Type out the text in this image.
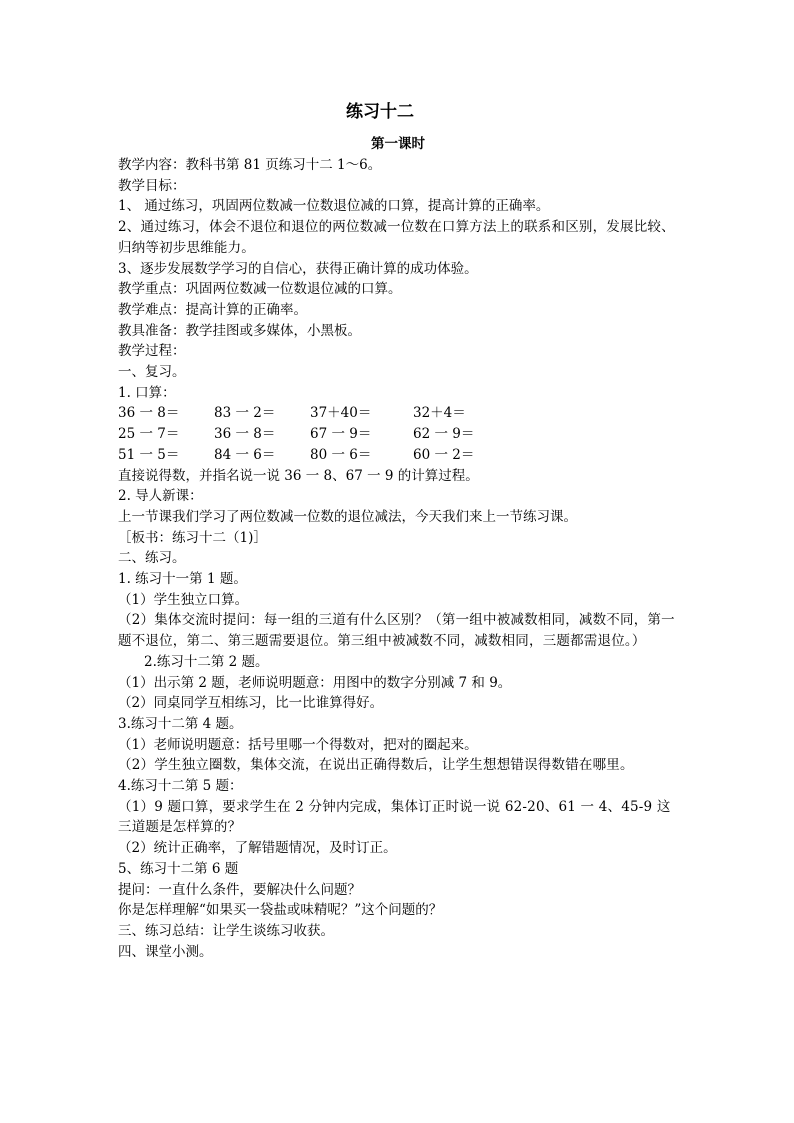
练习十二
第一课时
教学内容：教科书第 81 页练习十二 1～6。
教学目标：
1、 通过练习，巩固两位数减一位数退位减的口算，提高计算的正确率。
2、通过练习，体会不退位和退位的两位数减一位数在口算方法上的联系和区别，发展比较、归纳等初步思维能力。
3、逐步发展数学学习的自信心，获得正确计算的成功体验。
教学重点：巩固两位数减一位数退位减的口算。
教学难点：提高计算的正确率。
教具准备：教学挂图或多媒体，小黑板。
教学过程：
一、复习。
1. 口算：
36 一 8＝	83 一 2＝	37＋40＝	32＋4＝
25 一 7＝	36 一 8＝	67 一 9＝	62 一 9＝
51 一 5＝	84 一 6＝	80 一 6＝	60 一 2＝
直接说得数，并指名说一说 36 一 8、67 一 9 的计算过程。
2. 导人新课：
上一节课我们学习了两位数减一位数的退位减法，今天我们来上一节练习课。
［板书：练习十二（1)］
二、练习。
1. 练习十一第 1 题。
（1）学生独立口算。
（2）集体交流时提问：每一组的三道有什么区别？（第一组中被减数相同，减数不同，第一题不退位，第二、第三题需要退位。第三组中被减数不同，减数相同，三题都需退位。）
2.练习十二第 2 题。
（1）出示第 2 题，老师说明题意：用图中的数字分别减 7 和 9。
（2）同桌同学互相练习，比一比谁算得好。
3.练习十二第 4 题。
（1）老师说明题意：括号里哪一个得数对，把对的圈起来。
（2）学生独立圈数，集体交流，在说出正确得数后，让学生想想错误得数错在哪里。
4.练习十二第 5 题：
（1）9 题口算，要求学生在 2 分钟内完成，集体订正时说一说 62-20、61 一 4、45-9 这三道题是怎样算的？
（2）统计正确率，了解错题情况，及时订正。
5、练习十二第 6 题
提问：一直什么条件，要解决什么问题？
你是怎样理解“如果买一袋盐或味精呢？”这个问题的？
三、练习总结：让学生谈练习收获。
四、课堂小测。
